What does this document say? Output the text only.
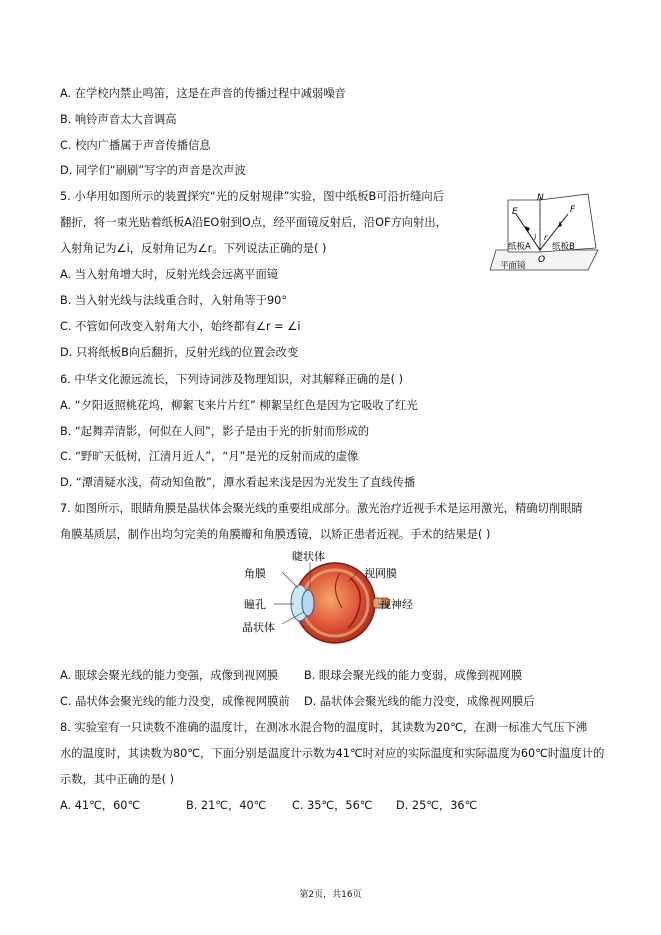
A. 在学校内禁止鸣笛，这是在声音的传播过程中减弱噪音
B. 响铃声音太大音调高
C. 校内广播属于声音传播信息
D. 同学们“刷刷”写字的声音是次声波
5. 小华用如图所示的装置探究“光的反射规律”实验，图中纸板B可沿折缝向后
翻折，将一束光贴着纸板A沿EO射到O点，经平面镜反射后，沿OF方向射出，
入射角记为∠i，反射角记为∠r。下列说法正确的是( )
A. 当入射角增大时，反射光线会远离平面镜
B. 当入射光线与法线重合时，入射角等于90°
C. 不管如何改变入射角大小，始终都有∠r = ∠i
D. 只将纸板B向后翻折，反射光线的位置会改变
N
E	F
i r
O
纸板A 纸板B
平面镜
6. 中华文化源远流长，下列诗词涉及物理知识，对其解释正确的是( )
A. “夕阳返照桃花坞，柳絮飞来片片红” 柳絮呈红色是因为它吸收了红光
B. “起舞弄清影，何似在人间”，影子是由于光的折射而形成的
C. “野旷天低树，江清月近人”，“月”是光的反射而成的虚像
D. “潭清疑水浅，荷动知鱼散”，潭水看起来浅是因为光发生了直线传播
7. 如图所示，眼睛角膜是晶状体会聚光线的重要组成部分。激光治疗近视手术是运用激光，精确切削眼睛
角膜基质层，制作出均匀完美的角膜瓣和角膜透镜，以矫正患者近视。手术的结果是( )
睫状体
角膜	视网膜
瞳孔	视神经
晶状体
A. 眼球会聚光线的能力变强，成像到视网膜 B. 眼球会聚光线的能力变弱，成像到视网膜
C. 晶状体会聚光线的能力没变，成像视网膜前 D. 晶状体会聚光线的能力没变，成像视网膜后
8. 实验室有一只读数不准确的温度计，在测冰水混合物的温度时，其读数为20℃，在测一标准大气压下沸
水的温度时，其读数为80℃，下面分别是温度计示数为41℃时对应的实际温度和实际温度为60℃时温度计的
示数，其中正确的是( )
A. 41℃，60℃	B. 21℃，40℃ C. 35℃，56℃ D. 25℃，36℃
第2页，共16页
